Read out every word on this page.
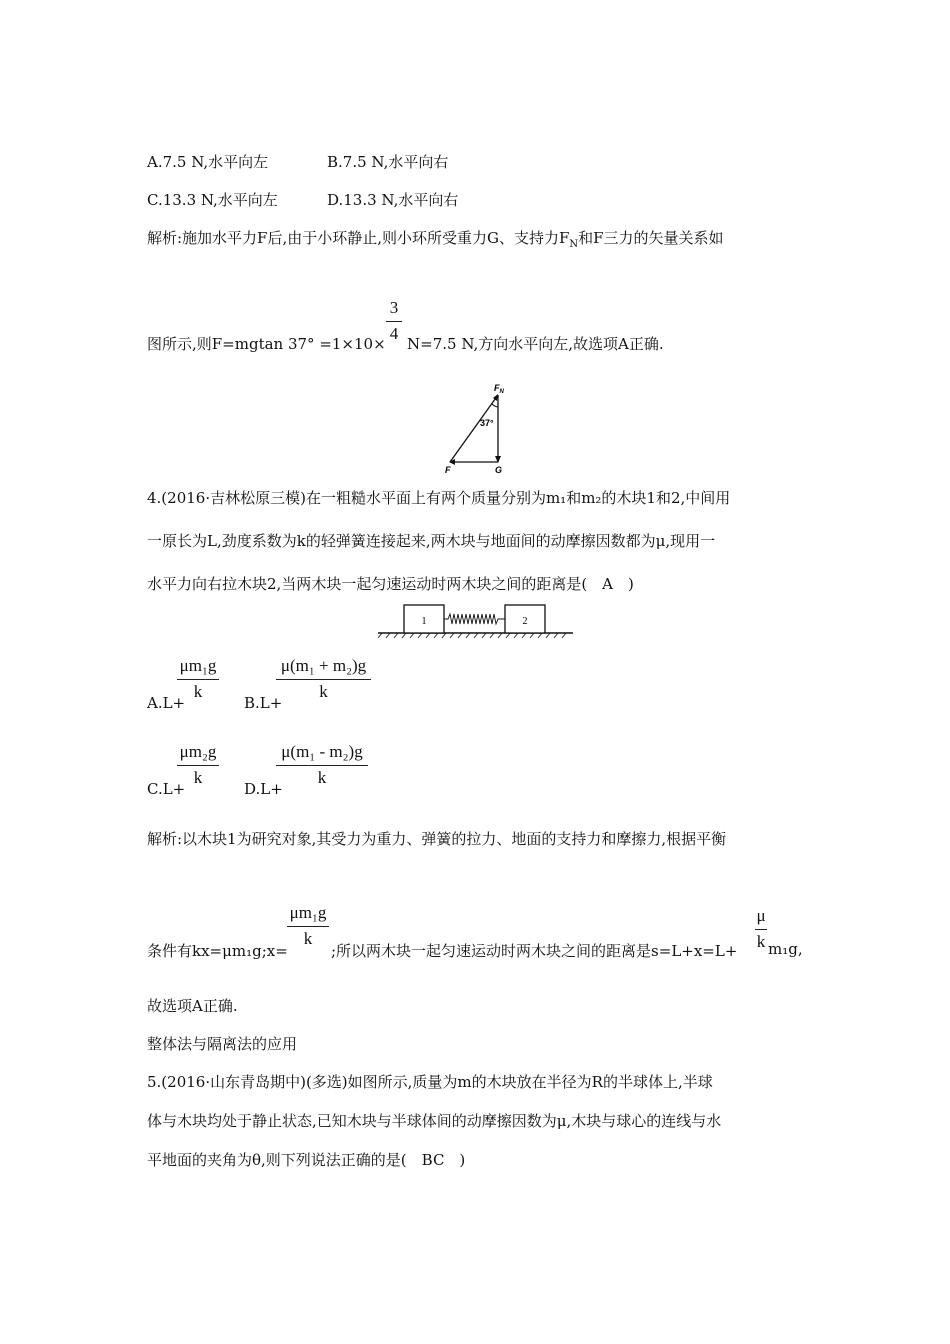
A.7.5 N,水平向左	B.7.5 N,水平向右
C.13.3 N,水平向左	D.13.3 N,水平向右
解析:施加水平力F后,由于小环静止,则小环所受重力G、支持力$F_N$和F三力的矢量关系如
图所示,则F=mgtan 37° =1×10×
3
4
N=7.5 N,方向水平向左,故选项A正确.
$F_N$
37°
F	G
4.(2016·吉林松原三模)在一粗糙水平面上有两个质量分别为m₁和m₂的木块1和2,中间用
一原长为L,劲度系数为k的轻弹簧连接起来,两木块与地面间的动摩擦因数都为μ,现用一
水平力向右拉木块2,当两木块一起匀速运动时两木块之间的距离是(　A　)
1	2
A.L+
μm₁g
k
B.L+
μ(m₁ + m₂)g
k
C.L+
μm₂g
k
D.L+
μ(m₁ - m₂)g
k
解析:以木块1为研究对象,其受力为重力、弹簧的拉力、地面的支持力和摩擦力,根据平衡
条件有kx=μm₁g;x=
μm₁g
k
;所以两木块一起匀速运动时两木块之间的距离是s=L+x=L+
μ
k m₁g,
故选项A正确.
整体法与隔离法的应用
5.(2016·山东青岛期中)(多选)如图所示,质量为m的木块放在半径为R的半球体上,半球
体与木块均处于静止状态,已知木块与半球体间的动摩擦因数为μ,木块与球心的连线与水
平地面的夹角为θ,则下列说法正确的是(　BC　)
